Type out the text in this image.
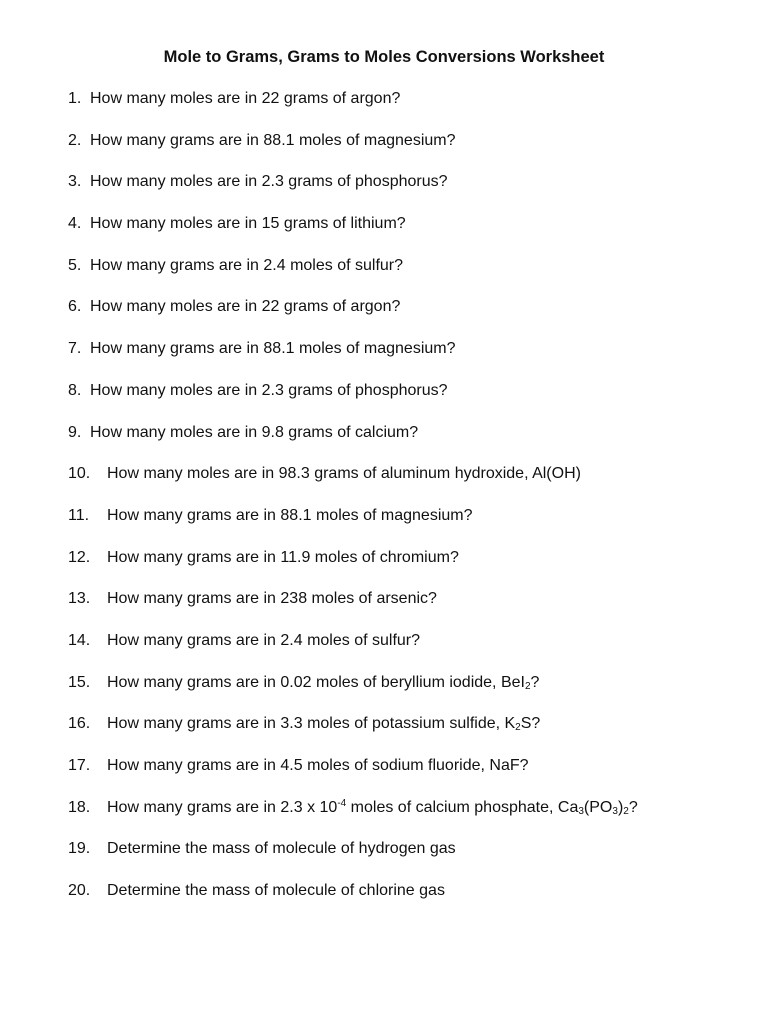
Mole to Grams, Grams to Moles Conversions Worksheet
1. How many moles are in 22 grams of argon?
2. How many grams are in 88.1 moles of magnesium?
3. How many moles are in 2.3 grams of phosphorus?
4. How many moles are in 15 grams of lithium?
5. How many grams are in 2.4 moles of sulfur?
6. How many moles are in 22 grams of argon?
7. How many grams are in 88.1 moles of magnesium?
8. How many moles are in 2.3 grams of phosphorus?
9. How many moles are in 9.8 grams of calcium?
10.	How many moles are in 98.3 grams of aluminum hydroxide, Al(OH)
11.	How many grams are in 88.1 moles of magnesium?
12.	How many grams are in 11.9 moles of chromium?
13.	How many grams are in 238 moles of arsenic?
14.	How many grams are in 2.4 moles of sulfur?
15.	How many grams are in 0.02 moles of beryllium iodide, BeI$_2$?
16.	How many grams are in 3.3 moles of potassium sulfide, $K_2S$?
17.	How many grams are in 4.5 moles of sodium fluoride, NaF?
18.	How many grams are in 2.3 x $10^{-4}$ moles of calcium phosphate, $Ca_3(PO_3)_2$?
19.	Determine the mass of molecule of hydrogen gas
20.	Determine the mass of molecule of chlorine gas
